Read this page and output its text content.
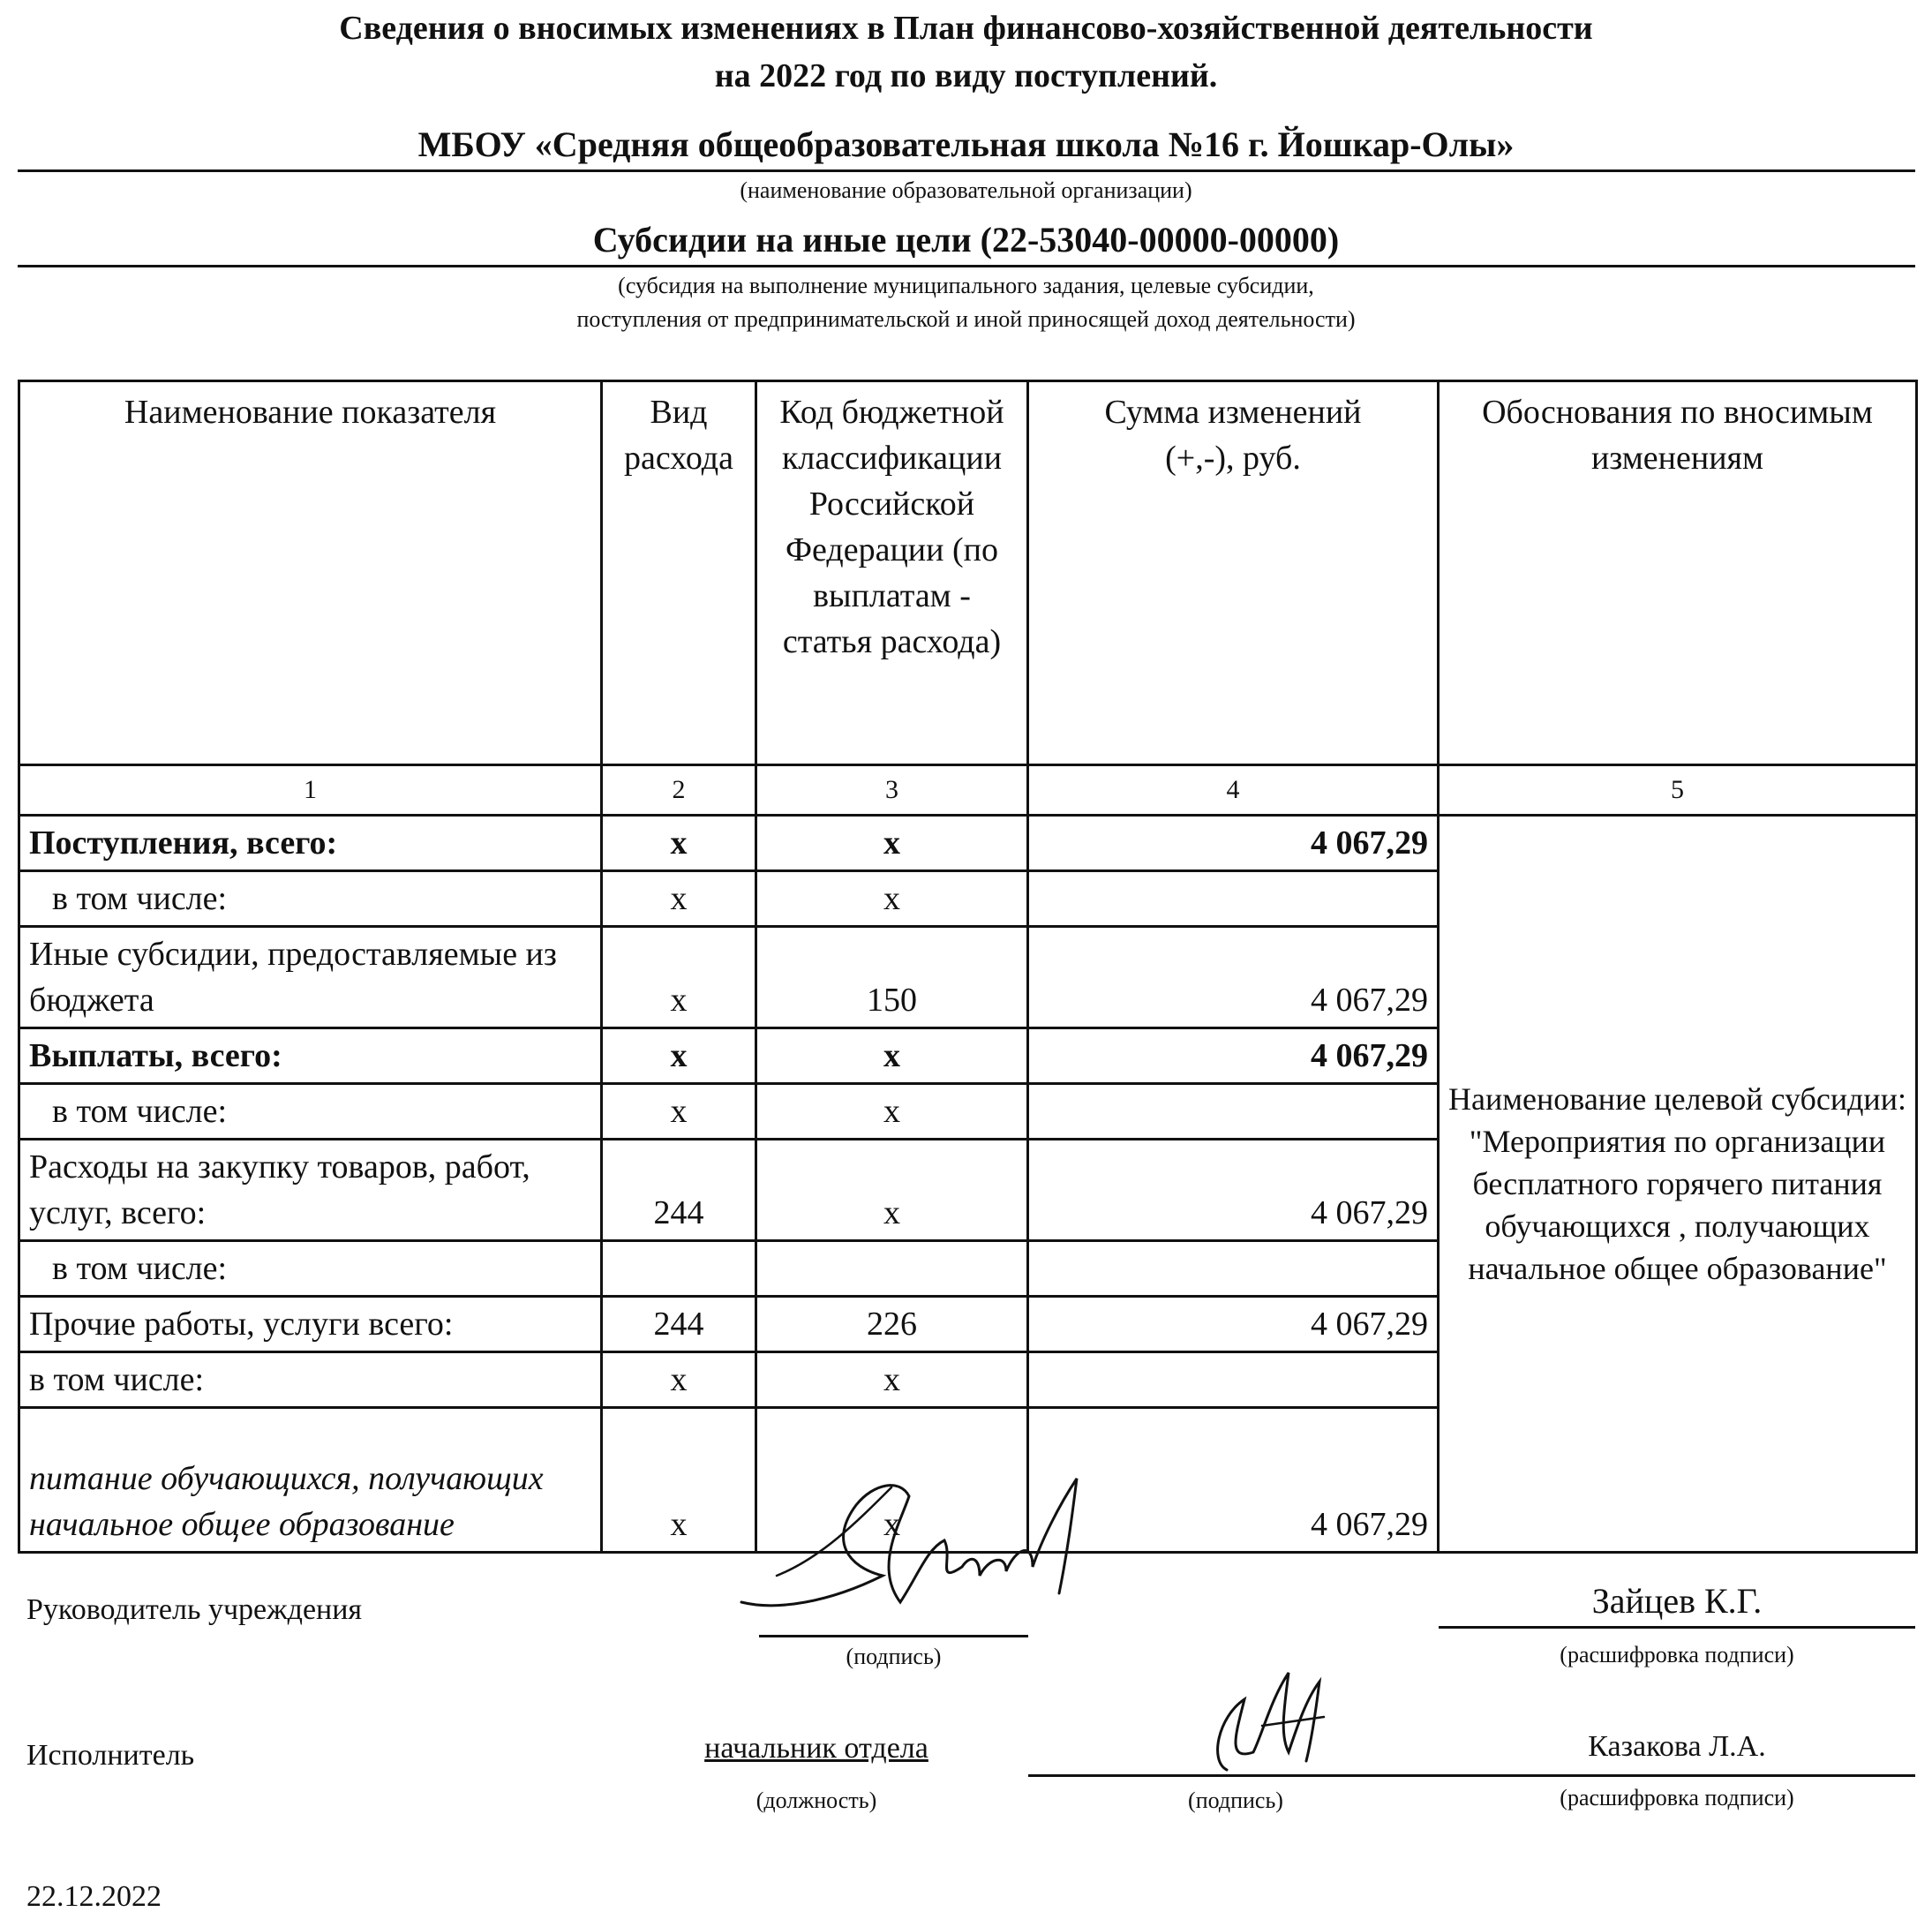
Сведения о вносимых изменениях в План финансово-хозяйственной деятельности
на 2022 год по виду поступлений.
МБОУ «Средняя общеобразовательная школа №16 г. Йошкар-Олы»
(наименование образовательной организации)
Субсидии на иные цели (22-53040-00000-00000)
(субсидия на выполнение муниципального задания, целевые субсидии,
поступления от предпринимательской и иной приносящей доход деятельности)
Наименование показателя	Вид расхода	Код бюджетной классификации Российской Федерации (по выплатам - статья расхода)	Сумма изменений (+,-), руб.	Обоснования по вносимым изменениям
1	2	3	4	5
Поступления, всего:	x	x	4 067,29	Наименование целевой субсидии: "Мероприятия по организации бесплатного горячего питания обучающихся , получающих начальное общее образование"
в том числе:	x	x		
Иные субсидии, предоставляемые из бюджета	x	150	4 067,29	
Выплаты, всего:	x	x	4 067,29	
в том числе:	x	x		
Расходы на закупку товаров, работ, услуг, всего:	244	x	4 067,29	
в том числе:				
Прочие работы, услуги всего:	244	226	4 067,29	
в том числе:	x	x		
питание обучающихся, получающих начальное общее образование	x	x	4 067,29	
Руководитель учреждения
(подпись)
Зайцев К.Г.
(расшифровка подписи)
Исполнитель	начальник отдела
(должность)	(подпись)
Казакова Л.А.
(расшифровка подписи)
22.12.2022
